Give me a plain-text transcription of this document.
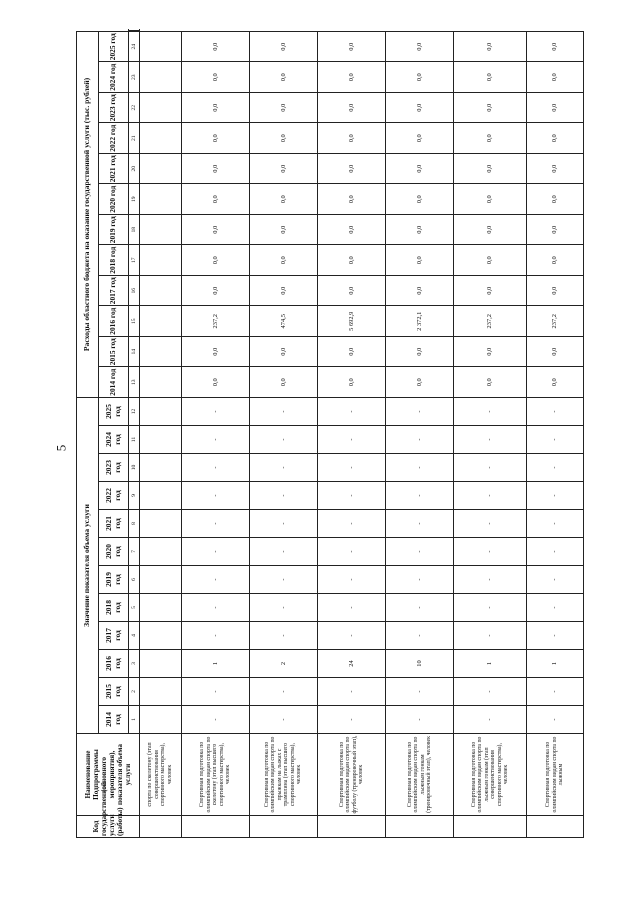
5
Код государственной услуги (работы)	Наименование Подпрограммы (основного мероприятия), показателя объема услуги	Значение показателя объема услуги												Расходы областного бюджета на оказание государственной услуги (тыс. рублей)												
		2014 год	2015 год	2016 год	2017 год	2018 год	2019 год	2020 год	2021 год	2022 год	2023 год	2024 год	2025 год	2014 год	2015 год	2016 год	2017 год	2018 год	2019 год	2020 год	2021 год	2022 год	2023 год	2024 год	2025 год	
		1	2	3	4	5	6	7	8	9	10	11	12	13	14	15	16	17	18	19	20	21	22	23	24		
	спорта по скелетону (этап совершенствования спортивного мастерства), человек																									
	Спортивная подготовка по олимпийским видам спорта по скелетону (этап высшего спортивного мастерства), человек	-	-	1	-	-	-	-	-	-	-	-	-	0,0	0,0	237,2	0,0	0,0	0,0	0,0	0,0	0,0	0,0	0,0	0,0	
	Спортивная подготовка по олимпийским видам спорта по прыжкам на лыжах с трамплина (этап высшего спортивного мастерства), человек	-	-	2	-	-	-	-	-	-	-	-	-	0,0	0,0	474,5	0,0	0,0	0,0	0,0	0,0	0,0	0,0	0,0	0,0	
	Спортивная подготовка по олимпийским видам спорта по футболу (тренировочный этап), человек	-	-	24	-	-	-	-	-	-	-	-	-	0,0	0,0	5 692,9	0,0	0,0	0,0	0,0	0,0	0,0	0,0	0,0	0,0	
	Спортивная подготовка по олимпийским видам спорта по лыжным гонкам (тренировочный этап), человек	-	-	10	-	-	-	-	-	-	-	-	-	0,0	0,0	2 372,1	0,0	0,0	0,0	0,0	0,0	0,0	0,0	0,0	0,0	
	Спортивная подготовка по олимпийским видам спорта по лыжным гонкам (этап совершенствования спортивного мастерства), человек	-	-	1	-	-	-	-	-	-	-	-	-	0,0	0,0	237,2	0,0	0,0	0,0	0,0	0,0	0,0	0,0	0,0	0,0	
	Спортивная подготовка по олимпийским видам спорта по лыжным	-	-	1	-	-	-	-	-	-	-	-	-	0,0	0,0	237,2	0,0	0,0	0,0	0,0	0,0	0,0	0,0	0,0	0,0	
